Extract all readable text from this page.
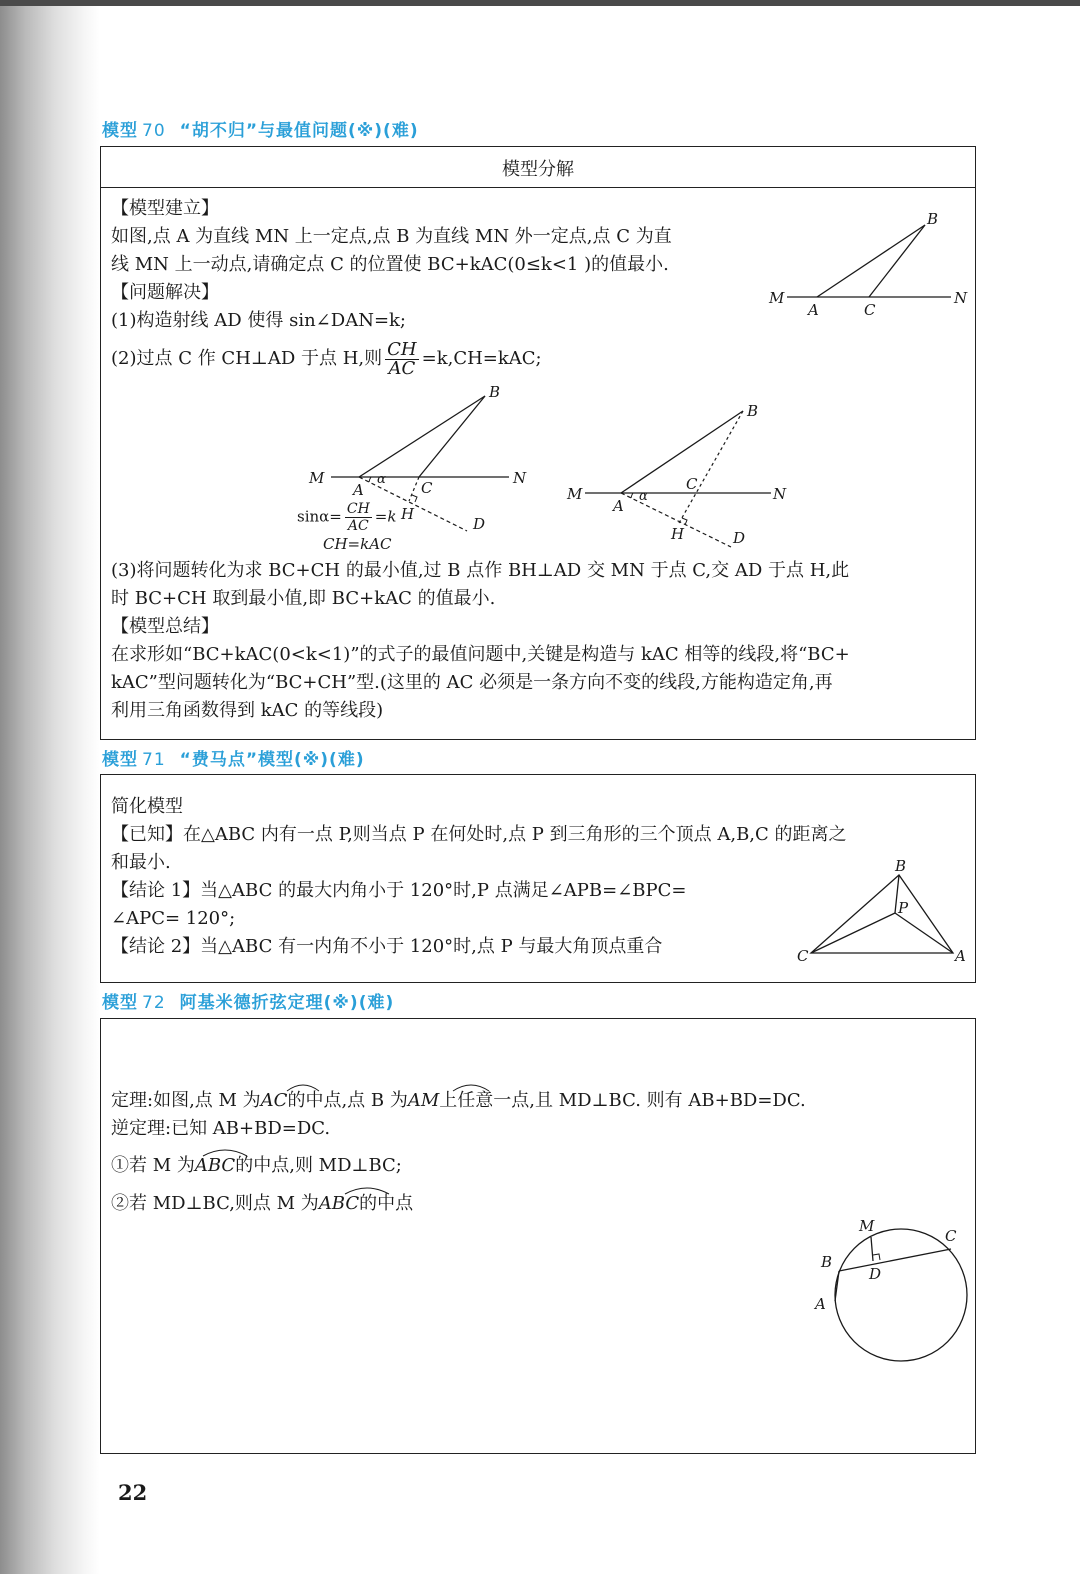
模型 70 “胡不归”与最值问题(※)(难)
模型分解
【模型建立】
如图,点 A 为直线 MN 上一定点,点 B 为直线 MN 外一定点,点 C 为直
线 MN 上一动点,请确定点 C 的位置使 BC+kAC(0≤k<1 )的值最小.
【问题解决】
(1)构造射线 AD 使得 sin∠DAN=k;
(2)过点 C 作 CH⊥AD 于点 H,则 $\frac{CH}{AC} =k,CH=kAC$;
M	N
A	C
B
M	N
A	C
B
α
H
D
$\sin\alpha= \frac{CH}{AC} =k$
CH=kAC
M	N
A
C
B
α
H	D
(3)将问题转化为求 BC+CH 的最小值,过 B 点作 BH⊥AD 交 MN 于点 C,交 AD 于点 H,此
时 BC+CH 取到最小值,即 BC+kAC 的值最小.
【模型总结】
在求形如“BC+kAC(0<k<1)”的式子的最值问题中,关键是构造与 kAC 相等的线段,将“BC+
kAC”型问题转化为“BC+CH”型.(这里的 AC 必须是一条方向不变的线段,方能构造定角,再
利用三角函数得到 kAC 的等线段)
模型 71 “费马点”模型(※)(难)
简化模型
【已知】在△ABC 内有一点 P,则当点 P 在何处时,点 P 到三角形的三个顶点 A,B,C 的距离之
和最小.
【结论 1】当△ABC 的最大内角小于 120°时,P 点满足∠APB=∠BPC=
∠APC= 120°;
【结论 2】当△ABC 有一内角不小于 120°时,点 P 与最大角顶点重合
B
P
C	A
模型 72 阿基米德折弦定理(※)(难)
定理:如图,点 M 为AC的中点,点 B 为AM上任意一点,且 MD⊥BC. 则有 AB+BD=DC.
逆定理:已知 AB+BD=DC.
①若 M 为ABC的中点,则 MD⊥BC;
②若 MD⊥BC,则点 M 为ABC的中点
M
C
B
D
A
22
